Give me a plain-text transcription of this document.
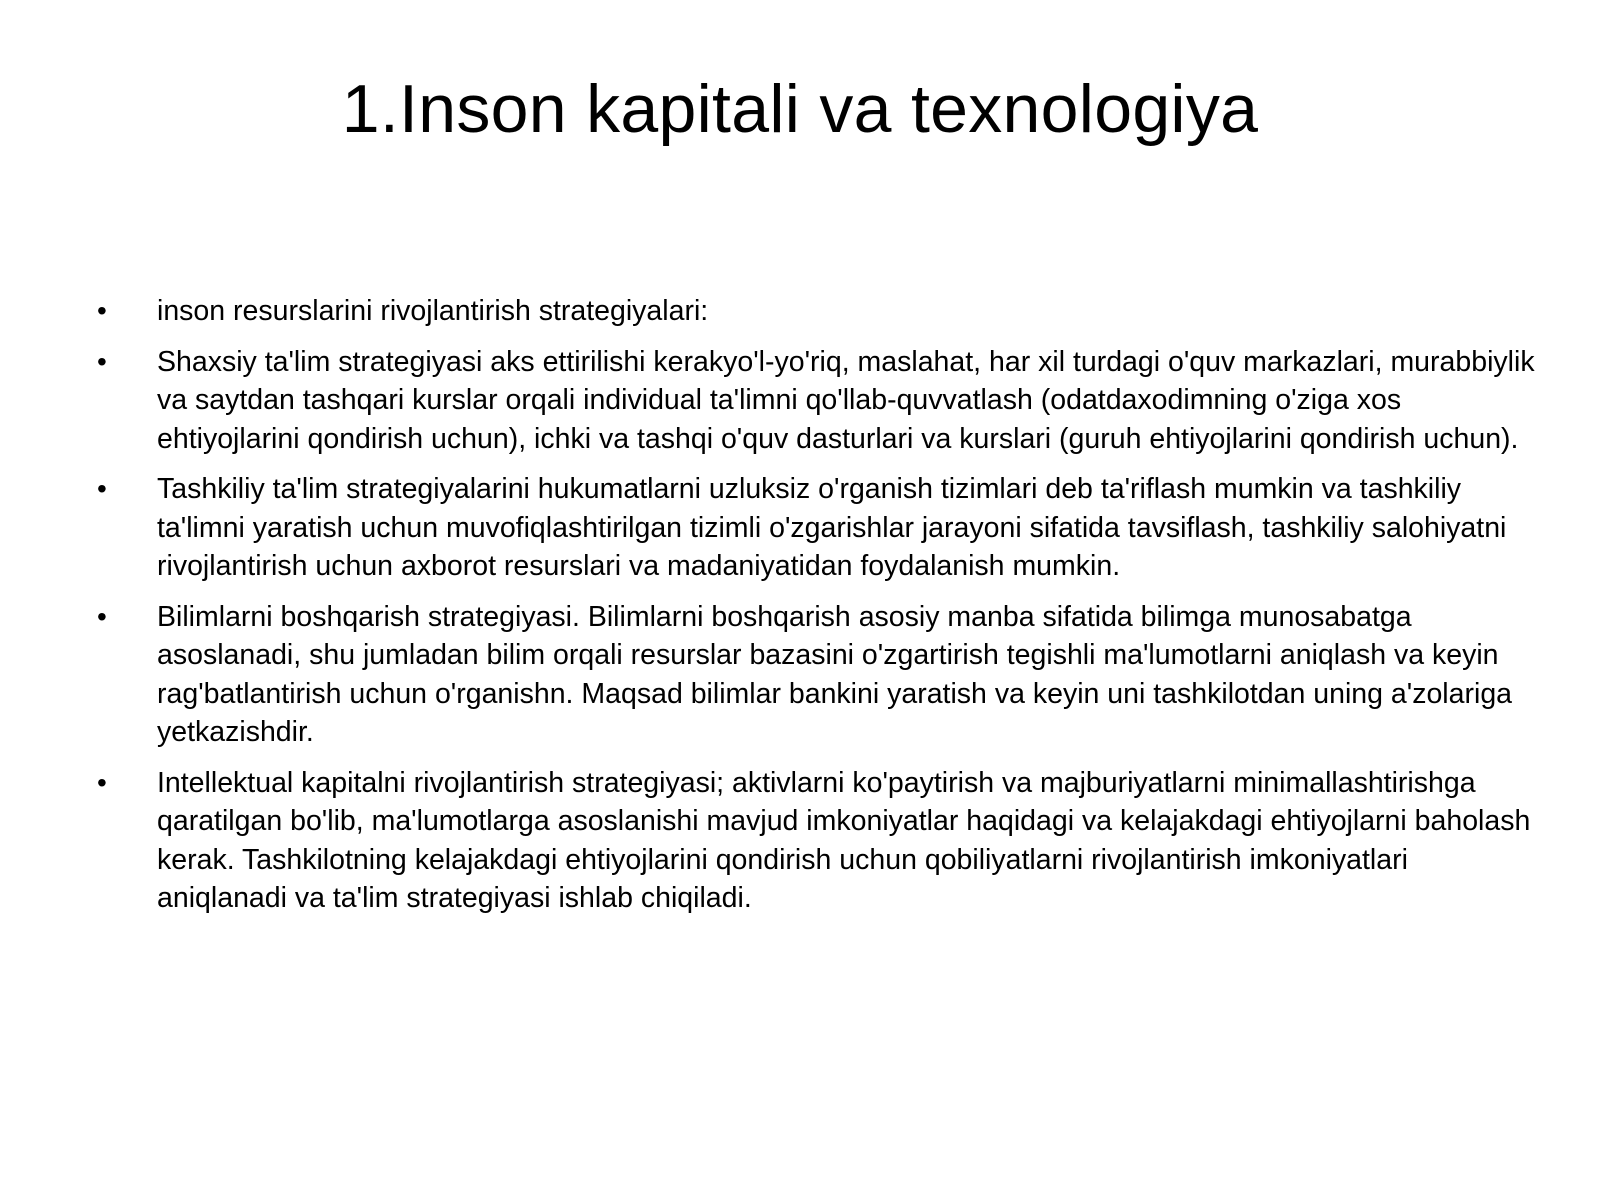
1.Inson kapitali va texnologiya
• inson resurslarini rivojlantirish strategiyalari:
• Shaxsiy ta'lim strategiyasi aks ettirilishi kerakyo'l-yo'riq, maslahat, har xil turdagi o'quv markazlari, murabbiylik va saytdan tashqari kurslar orqali individual ta'limni qo'llab-quvvatlash (odatdaxodimning o'ziga xos ehtiyojlarini qondirish uchun), ichki va tashqi o'quv dasturlari va kurslari (guruh ehtiyojlarini qondirish uchun).
• Tashkiliy ta'lim strategiyalarini hukumatlarni uzluksiz o'rganish tizimlari deb ta'riflash mumkin va tashkiliy ta'limni yaratish uchun muvofiqlashtirilgan tizimli o'zgarishlar jarayoni sifatida tavsiflash, tashkiliy salohiyatni rivojlantirish uchun axborot resurslari va madaniyatidan foydalanish mumkin.
• Bilimlarni boshqarish strategiyasi. Bilimlarni boshqarish asosiy manba sifatida bilimga munosabatga asoslanadi, shu jumladan bilim orqali resurslar bazasini o'zgartirish tegishli ma'lumotlarni aniqlash va keyin rag'batlantirish uchun o'rganishn. Maqsad bilimlar bankini yaratish va keyin uni tashkilotdan uning a'zolariga yetkazishdir.
• Intellektual kapitalni rivojlantirish strategiyasi; aktivlarni ko'paytirish va majburiyatlarni minimallashtirishga qaratilgan bo'lib, ma'lumotlarga asoslanishi mavjud imkoniyatlar haqidagi va kelajakdagi ehtiyojlarni baholash kerak. Tashkilotning kelajakdagi ehtiyojlarini qondirish uchun qobiliyatlarni rivojlantirish imkoniyatlari aniqlanadi va ta'lim strategiyasi ishlab chiqiladi.
